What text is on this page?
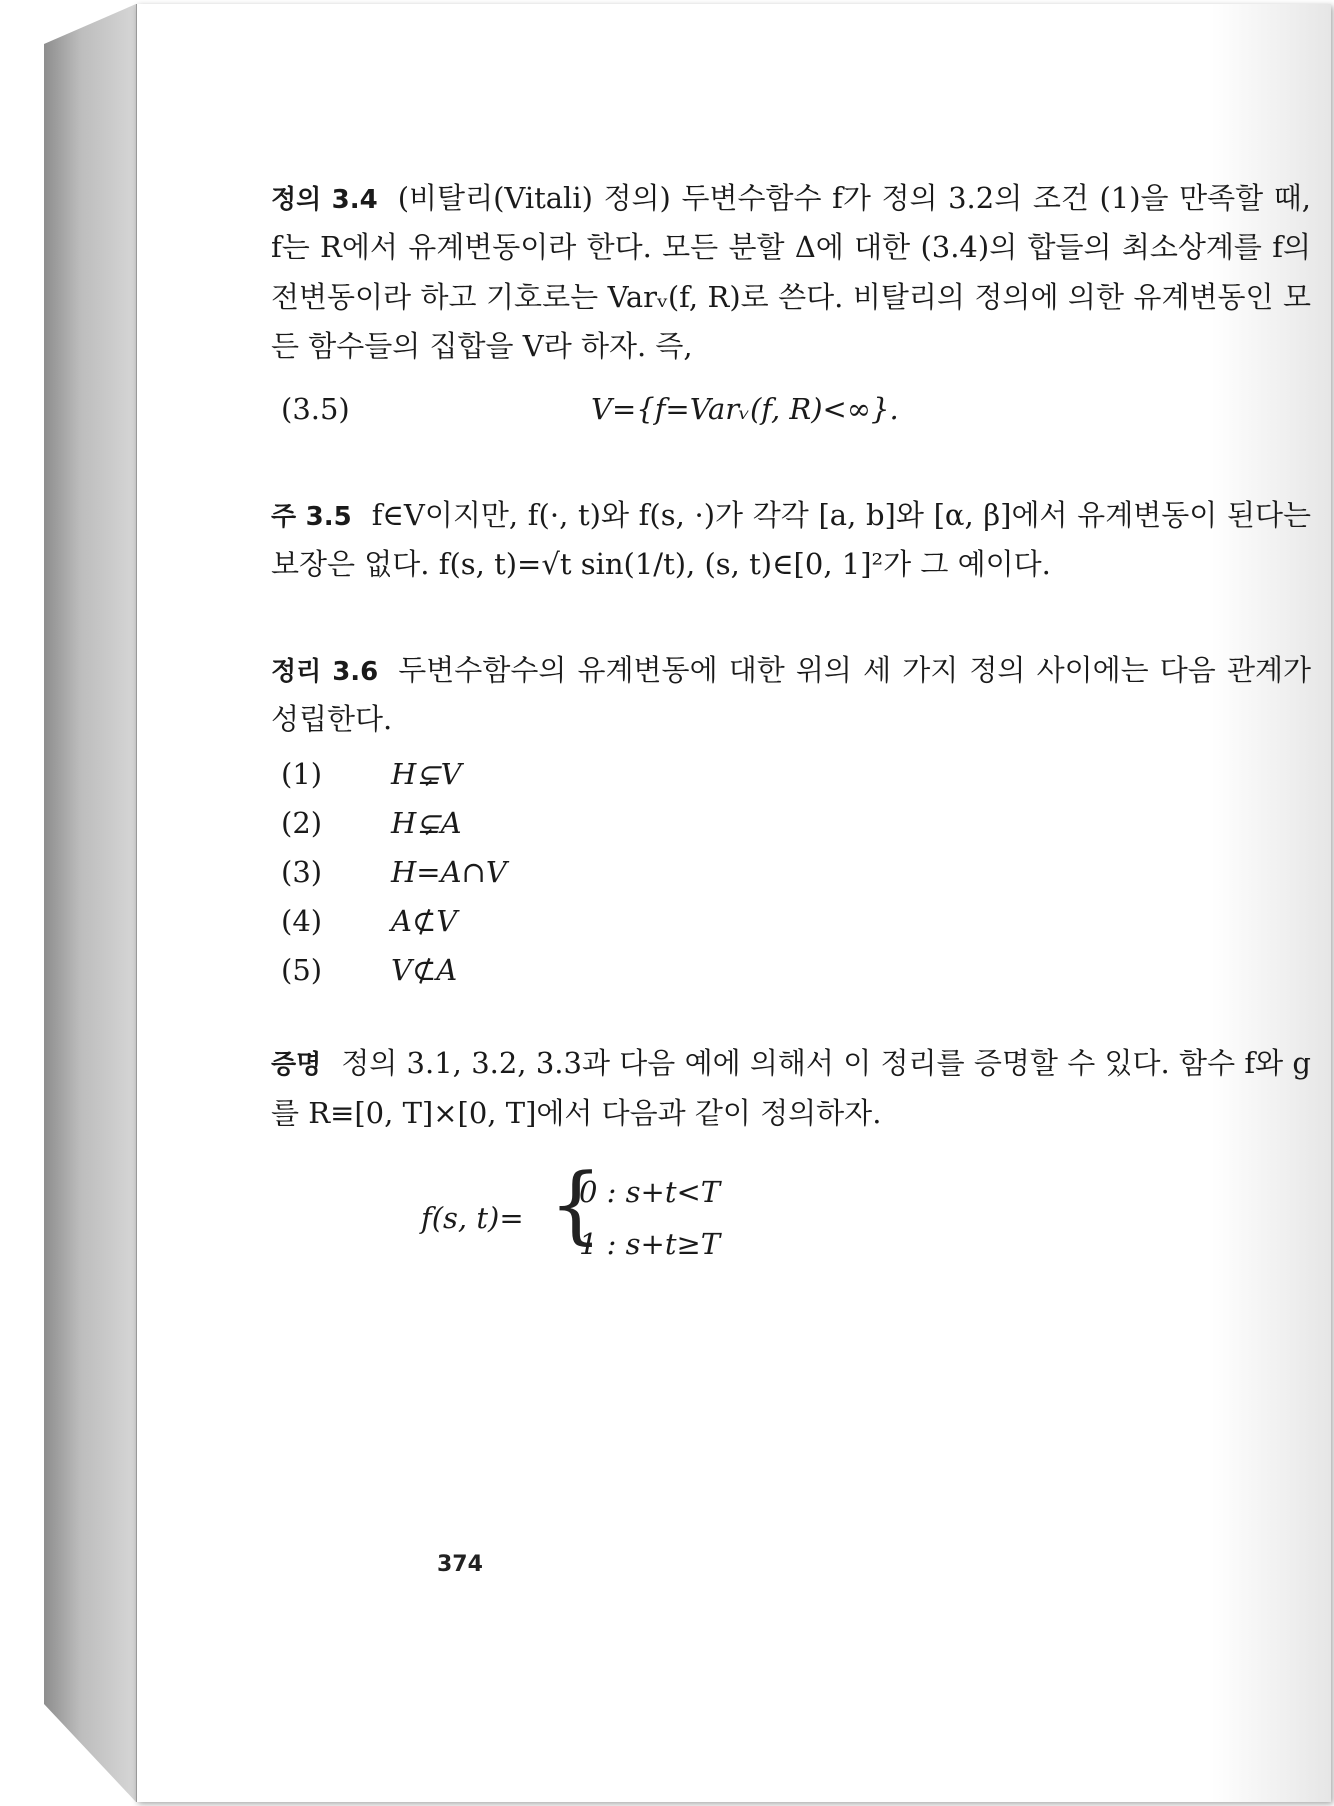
정의 3.4 (비탈리(Vitali) 정의) 두변수함수 f가 정의 3.2의 조건 (1)을 만족할 때, f는 R에서 유계변동이라 한다. 모든 분할 Δ에 대한 (3.4)의 합들의 최소상계를 f의 전변동이라 하고 기호로는 Varᵥ(f, R)로 쓴다. 비탈리의 정의에 의한 유계변동인 모든 함수들의 집합을 V라 하자. 즉,

(3.5)	V={f=Varᵥ(f, R)<∞}.

주 3.5 f∈V이지만, f(·, t)와 f(s, ·)가 각각 [a, b]와 [α, β]에서 유계변동이 된다는 보장은 없다. f(s, t)=√t sin(1/t), (s, t)∈[0, 1]²가 그 예이다.

정리 3.6 두변수함수의 유계변동에 대한 위의 세 가지 정의 사이에는 다음 관계가 성립한다.

(1) H⊊V
(2) H⊊A
(3) H=A∩V
(4) A⊄V
(5) V⊄A

증명 정의 3.1, 3.2, 3.3과 다음 예에 의해서 이 정리를 증명할 수 있다. 함수 f와 g를 R≡[0, T]×[0, T]에서 다음과 같이 정의하자.

f(s, t)= {
0 : s+t<T
1 : s+t≥T
374
